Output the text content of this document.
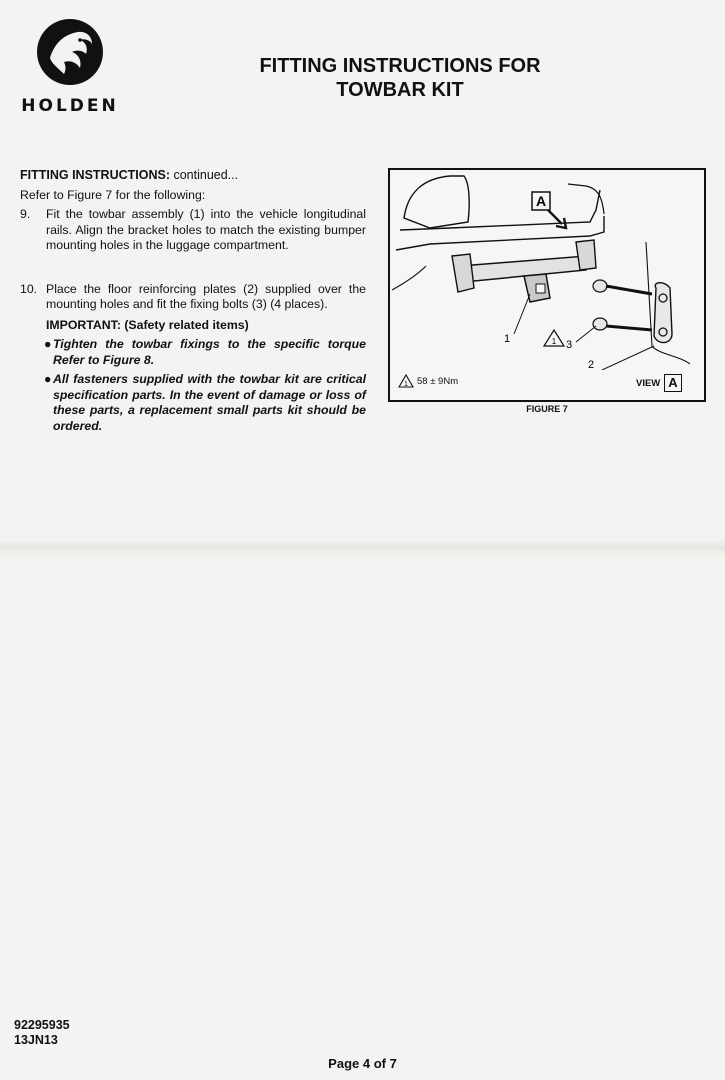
HOLDEN
FITTING INSTRUCTIONS FOR
TOWBAR KIT
FITTING INSTRUCTIONS: continued...
Refer to Figure 7 for the following:
9.	Fit the towbar assembly (1) into the vehicle longitudinal rails. Align the bracket holes to match the existing bumper mounting holes in the luggage compartment.
10. Place the floor reinforcing plates (2) supplied over the mounting holes and fit the fixing bolts (3) (4 places).
IMPORTANT: (Safety related items)
● Tighten the towbar fixings to the specific torque Refer to Figure 8.
● All fasteners supplied with the towbar kit are critical specification parts. In the event of damage or loss of these parts, a replacement small parts kit should be ordered.
A
1	1 3
2
1 58 ± 9Nm	VIEW A
FIGURE 7
92295935
13JN13
Page 4 of 7
